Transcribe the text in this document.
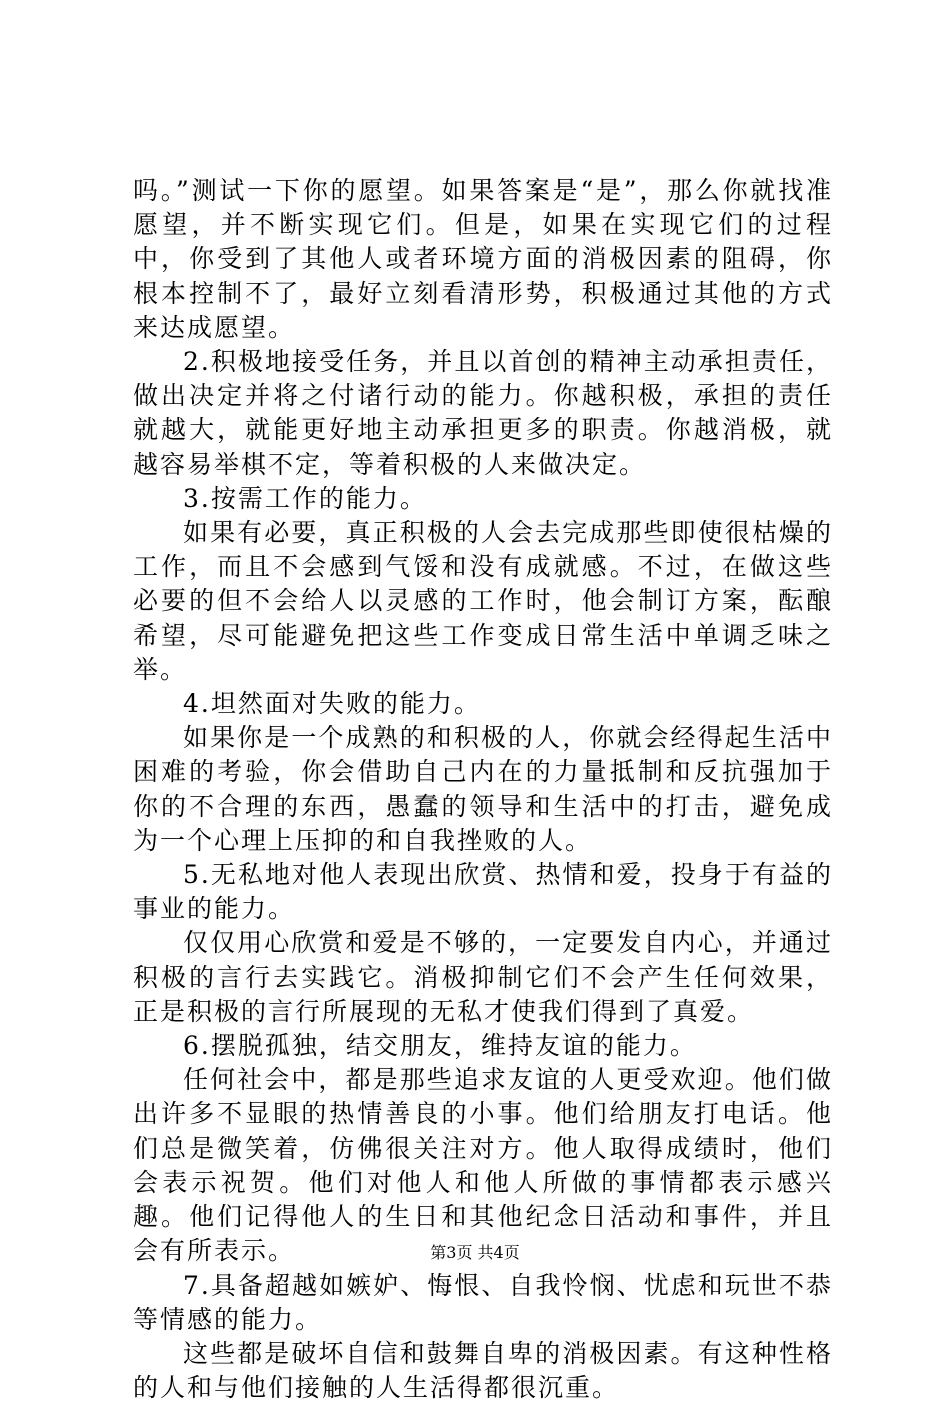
吗。”测试一下你的愿望。如果答案是“是”，那么你就找准愿望，并不断实现它们。但是，如果在实现它们的过程中，你受到了其他人或者环境方面的消极因素的阻碍，你根本控制不了，最好立刻看清形势，积极通过其他的方式来达成愿望。

2.积极地接受任务，并且以首创的精神主动承担责任，做出决定并将之付诸行动的能力。你越积极，承担的责任就越大，就能更好地主动承担更多的职责。你越消极，就越容易举棋不定，等着积极的人来做决定。

3.按需工作的能力。

如果有必要，真正积极的人会去完成那些即使很枯燥的工作，而且不会感到气馁和没有成就感。不过，在做这些必要的但不会给人以灵感的工作时，他会制订方案，酝酿希望，尽可能避免把这些工作变成日常生活中单调乏味之举。

4.坦然面对失败的能力。

如果你是一个成熟的和积极的人，你就会经得起生活中困难的考验，你会借助自己内在的力量抵制和反抗强加于你的不合理的东西，愚蠢的领导和生活中的打击，避免成为一个心理上压抑的和自我挫败的人。

5.无私地对他人表现出欣赏、热情和爱，投身于有益的事业的能力。

仅仅用心欣赏和爱是不够的，一定要发自内心，并通过积极的言行去实践它。消极抑制它们不会产生任何效果，正是积极的言行所展现的无私才使我们得到了真爱。

6.摆脱孤独，结交朋友，维持友谊的能力。

任何社会中，都是那些追求友谊的人更受欢迎。他们做出许多不显眼的热情善良的小事。他们给朋友打电话。他们总是微笑着，仿佛很关注对方。他人取得成绩时，他们会表示祝贺。他们对他人和他人所做的事情都表示感兴趣。他们记得他人的生日和其他纪念日活动和事件，并且会有所表示。

7.具备超越如嫉妒、悔恨、自我怜悯、忧虑和玩世不恭等情感的能力。

这些都是破坏自信和鼓舞自卑的消极因素。有这种性格的人和与他们接触的人生活得都很沉重。

第3页 共4页
